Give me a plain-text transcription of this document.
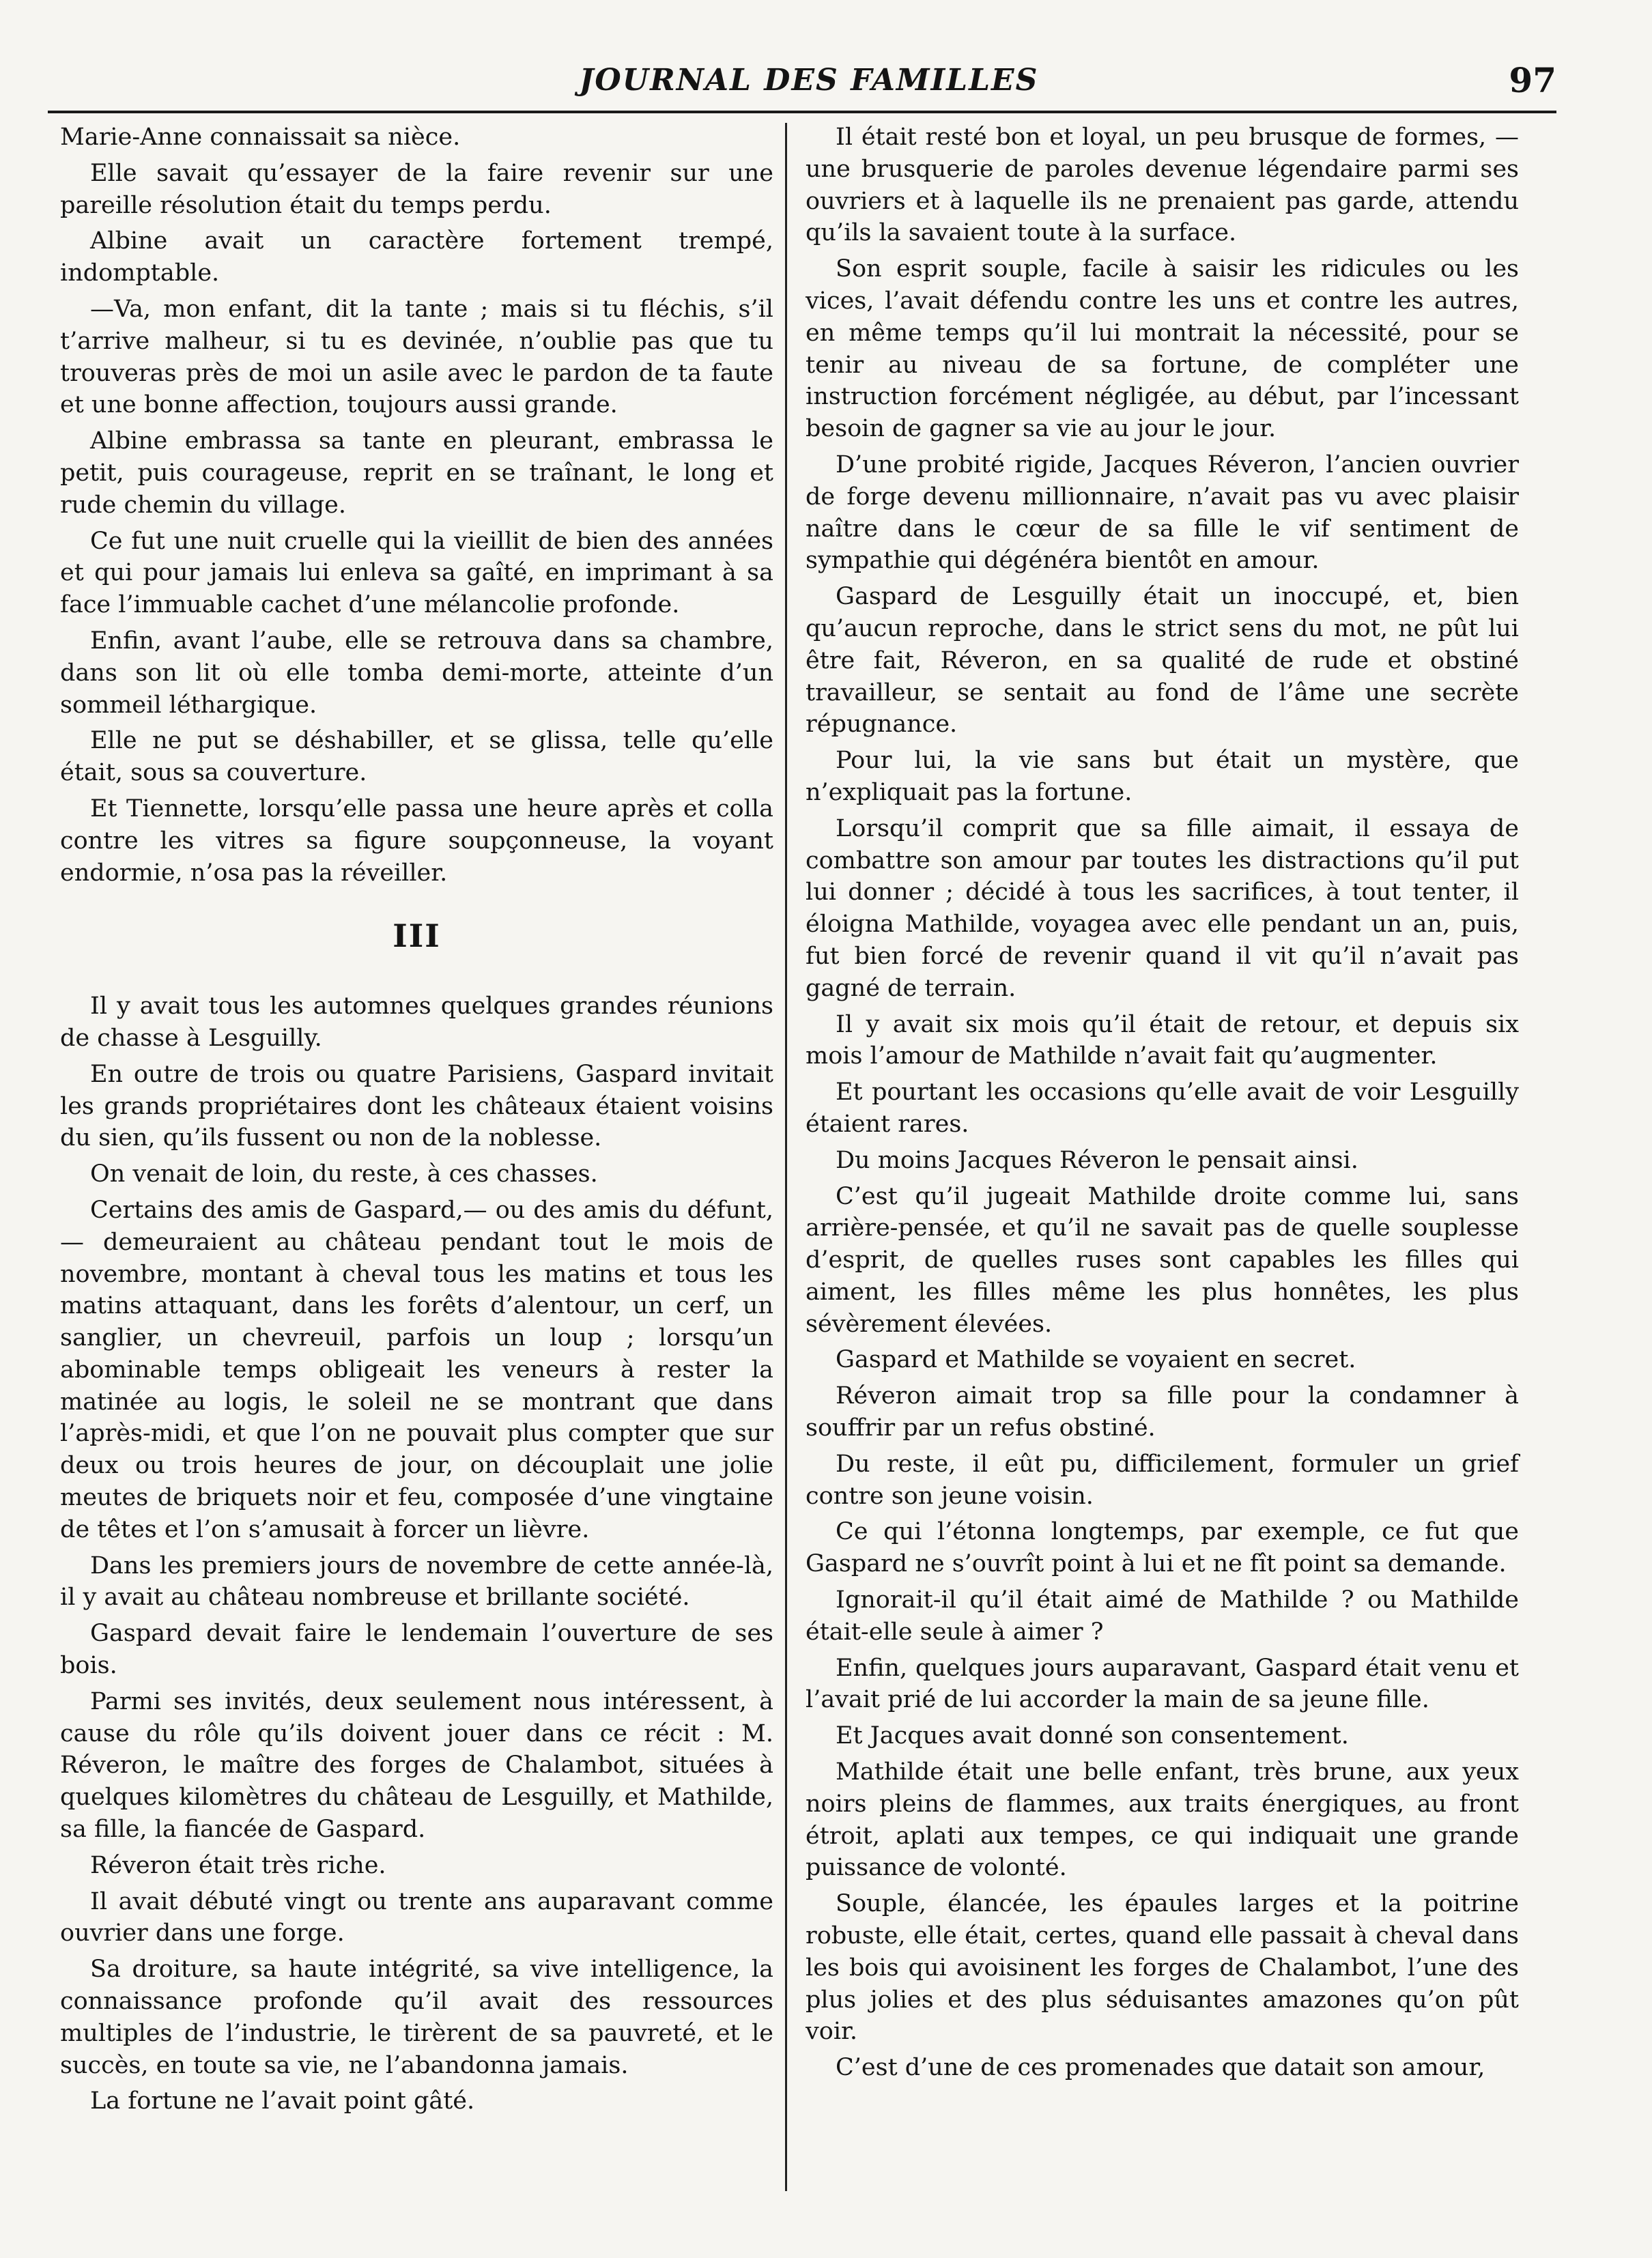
JOURNAL DES FAMILLES	97

Marie-Anne connaissait sa nièce.

Elle savait qu’essayer de la faire revenir sur une pareille résolution était du temps perdu.

Albine avait un caractère fortement trempé, indomptable.

—Va, mon enfant, dit la tante ; mais si tu fléchis, s’il t’arrive malheur, si tu es devinée, n’oublie pas que tu trouveras près de moi un asile avec le pardon de ta faute et une bonne affection, toujours aussi grande.

Albine embrassa sa tante en pleurant, embrassa le petit, puis courageuse, reprit en se traînant, le long et rude chemin du village.

Ce fut une nuit cruelle qui la vieillit de bien des années et qui pour jamais lui enleva sa gaîté, en imprimant à sa face l’immuable cachet d’une mélancolie profonde.

Enfin, avant l’aube, elle se retrouva dans sa chambre, dans son lit où elle tomba demi-morte, atteinte d’un sommeil léthargique.

Elle ne put se déshabiller, et se glissa, telle qu’elle était, sous sa couverture.

Et Tiennette, lorsqu’elle passa une heure après et colla contre les vitres sa figure soupçonneuse, la voyant endormie, n’osa pas la réveiller.

III

Il y avait tous les automnes quelques grandes réunions de chasse à Lesguilly.

En outre de trois ou quatre Parisiens, Gaspard invitait les grands propriétaires dont les châteaux étaient voisins du sien, qu’ils fussent ou non de la noblesse.

On venait de loin, du reste, à ces chasses.

Certains des amis de Gaspard,— ou des amis du défunt,— demeuraient au château pendant tout le mois de novembre, montant à cheval tous les matins et tous les matins attaquant, dans les forêts d’alentour, un cerf, un sanglier, un chevreuil, parfois un loup ; lorsqu’un abominable temps obligeait les veneurs à rester la matinée au logis, le soleil ne se montrant que dans l’après-midi, et que l’on ne pouvait plus compter que sur deux ou trois heures de jour, on découplait une jolie meutes de briquets noir et feu, composée d’une vingtaine de têtes et l’on s’amusait à forcer un lièvre.

Dans les premiers jours de novembre de cette année-là, il y avait au château nombreuse et brillante société.

Gaspard devait faire le lendemain l’ouverture de ses bois.

Parmi ses invités, deux seulement nous intéressent, à cause du rôle qu’ils doivent jouer dans ce récit : M. Réveron, le maître des forges de Chalambot, situées à quelques kilomètres du château de Lesguilly, et Mathilde, sa fille, la fiancée de Gaspard.

Réveron était très riche.

Il avait débuté vingt ou trente ans auparavant comme ouvrier dans une forge.

Sa droiture, sa haute intégrité, sa vive intelligence, la connaissance profonde qu’il avait des ressources multiples de l’industrie, le tirèrent de sa pauvreté, et le succès, en toute sa vie, ne l’abandonna jamais.

La fortune ne l’avait point gâté.

Il était resté bon et loyal, un peu brusque de formes, —une brusquerie de paroles devenue légendaire parmi ses ouvriers et à laquelle ils ne prenaient pas garde, attendu qu’ils la savaient toute à la surface.

Son esprit souple, facile à saisir les ridicules ou les vices, l’avait défendu contre les uns et contre les autres, en même temps qu’il lui montrait la nécessité, pour se tenir au niveau de sa fortune, de compléter une instruction forcément négligée, au début, par l’incessant besoin de gagner sa vie au jour le jour.

D’une probité rigide, Jacques Réveron, l’ancien ouvrier de forge devenu millionnaire, n’avait pas vu avec plaisir naître dans le cœur de sa fille le vif sentiment de sympathie qui dégénéra bientôt en amour.

Gaspard de Lesguilly était un inoccupé, et, bien qu’aucun reproche, dans le strict sens du mot, ne pût lui être fait, Réveron, en sa qualité de rude et obstiné travailleur, se sentait au fond de l’âme une secrète répugnance.

Pour lui, la vie sans but était un mystère, que n’expliquait pas la fortune.

Lorsqu’il comprit que sa fille aimait, il essaya de combattre son amour par toutes les distractions qu’il put lui donner ; décidé à tous les sacrifices, à tout tenter, il éloigna Mathilde, voyagea avec elle pendant un an, puis, fut bien forcé de revenir quand il vit qu’il n’avait pas gagné de terrain.

Il y avait six mois qu’il était de retour, et depuis six mois l’amour de Mathilde n’avait fait qu’augmenter.

Et pourtant les occasions qu’elle avait de voir Lesguilly étaient rares.

Du moins Jacques Réveron le pensait ainsi.

C’est qu’il jugeait Mathilde droite comme lui, sans arrière-pensée, et qu’il ne savait pas de quelle souplesse d’esprit, de quelles ruses sont capables les filles qui aiment, les filles même les plus honnêtes, les plus sévèrement élevées.

Gaspard et Mathilde se voyaient en secret.

Réveron aimait trop sa fille pour la condamner à souffrir par un refus obstiné.

Du reste, il eût pu, difficilement, formuler un grief contre son jeune voisin.

Ce qui l’étonna longtemps, par exemple, ce fut que Gaspard ne s’ouvrît point à lui et ne fît point sa demande.

Ignorait-il qu’il était aimé de Mathilde ? ou Mathilde était-elle seule à aimer ?

Enfin, quelques jours auparavant, Gaspard était venu et l’avait prié de lui accorder la main de sa jeune fille.

Et Jacques avait donné son consentement.

Mathilde était une belle enfant, très brune, aux yeux noirs pleins de flammes, aux traits énergiques, au front étroit, aplati aux tempes, ce qui indiquait une grande puissance de volonté.

Souple, élancée, les épaules larges et la poitrine robuste, elle était, certes, quand elle passait à cheval dans les bois qui avoisinent les forges de Chalambot, l’une des plus jolies et des plus séduisantes amazones qu’on pût voir.

C’est d’une de ces promenades que datait son amour,
